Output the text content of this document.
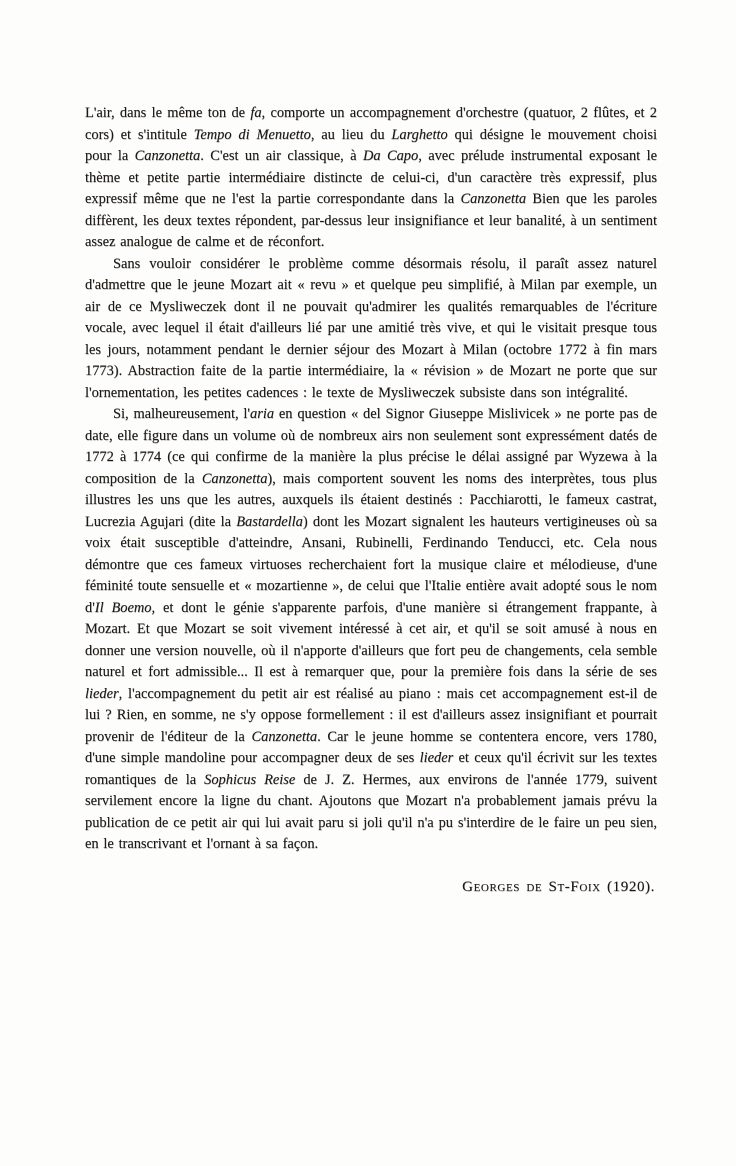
L'air, dans le même ton de fa, comporte un accompagnement d'orchestre (quatuor, 2 flûtes, et 2 cors) et s'intitule Tempo di Menuetto, au lieu du Larghetto qui désigne le mouvement choisi pour la Canzonetta. C'est un air classique, à Da Capo, avec prélude instrumental exposant le thème et petite partie intermédiaire distincte de celui-ci, d'un caractère très expressif, plus expressif même que ne l'est la partie correspondante dans la Canzonetta Bien que les paroles diffèrent, les deux textes répondent, par-dessus leur insignifiance et leur banalité, à un sentiment assez analogue de calme et de réconfort.

Sans vouloir considérer le problème comme désormais résolu, il paraît assez naturel d'admettre que le jeune Mozart ait « revu » et quelque peu simplifié, à Milan par exemple, un air de ce Mysliweczek dont il ne pouvait qu'admirer les qualités remarquables de l'écriture vocale, avec lequel il était d'ailleurs lié par une amitié très vive, et qui le visitait presque tous les jours, notamment pendant le dernier séjour des Mozart à Milan (octobre 1772 à fin mars 1773). Abstraction faite de la partie intermédiaire, la « révision » de Mozart ne porte que sur l'ornementation, les petites cadences : le texte de Mysliweczek subsiste dans son intégralité.

Si, malheureusement, l'aria en question « del Signor Giuseppe Mislivicek » ne porte pas de date, elle figure dans un volume où de nombreux airs non seulement sont expressément datés de 1772 à 1774 (ce qui confirme de la manière la plus précise le délai assigné par Wyzewa à la composition de la Canzonetta), mais comportent souvent les noms des interprètes, tous plus illustres les uns que les autres, auxquels ils étaient destinés : Pacchiarotti, le fameux castrat, Lucrezia Agujari (dite la Bastardella) dont les Mozart signalent les hauteurs vertigineuses où sa voix était susceptible d'atteindre, Ansani, Rubinelli, Ferdinando Tenducci, etc. Cela nous démontre que ces fameux virtuoses recherchaient fort la musique claire et mélodieuse, d'une féminité toute sensuelle et « mozartienne », de celui que l'Italie entière avait adopté sous le nom d'Il Boemo, et dont le génie s'apparente parfois, d'une manière si étrangement frappante, à Mozart. Et que Mozart se soit vivement intéressé à cet air, et qu'il se soit amusé à nous en donner une version nouvelle, où il n'apporte d'ailleurs que fort peu de changements, cela semble naturel et fort admissible... Il est à remarquer que, pour la première fois dans la série de ses lieder, l'accompagnement du petit air est réalisé au piano : mais cet accompagnement est-il de lui ? Rien, en somme, ne s'y oppose formellement : il est d'ailleurs assez insignifiant et pourrait provenir de l'éditeur de la Canzonetta. Car le jeune homme se contentera encore, vers 1780, d'une simple mandoline pour accompagner deux de ses lieder et ceux qu'il écrivit sur les textes romantiques de la Sophicus Reise de J. Z. Hermes, aux environs de l'année 1779, suivent servilement encore la ligne du chant. Ajoutons que Mozart n'a probablement jamais prévu la publication de ce petit air qui lui avait paru si joli qu'il n'a pu s'interdire de le faire un peu sien, en le transcrivant et l'ornant à sa façon.

Georges de St-Foix (1920).
